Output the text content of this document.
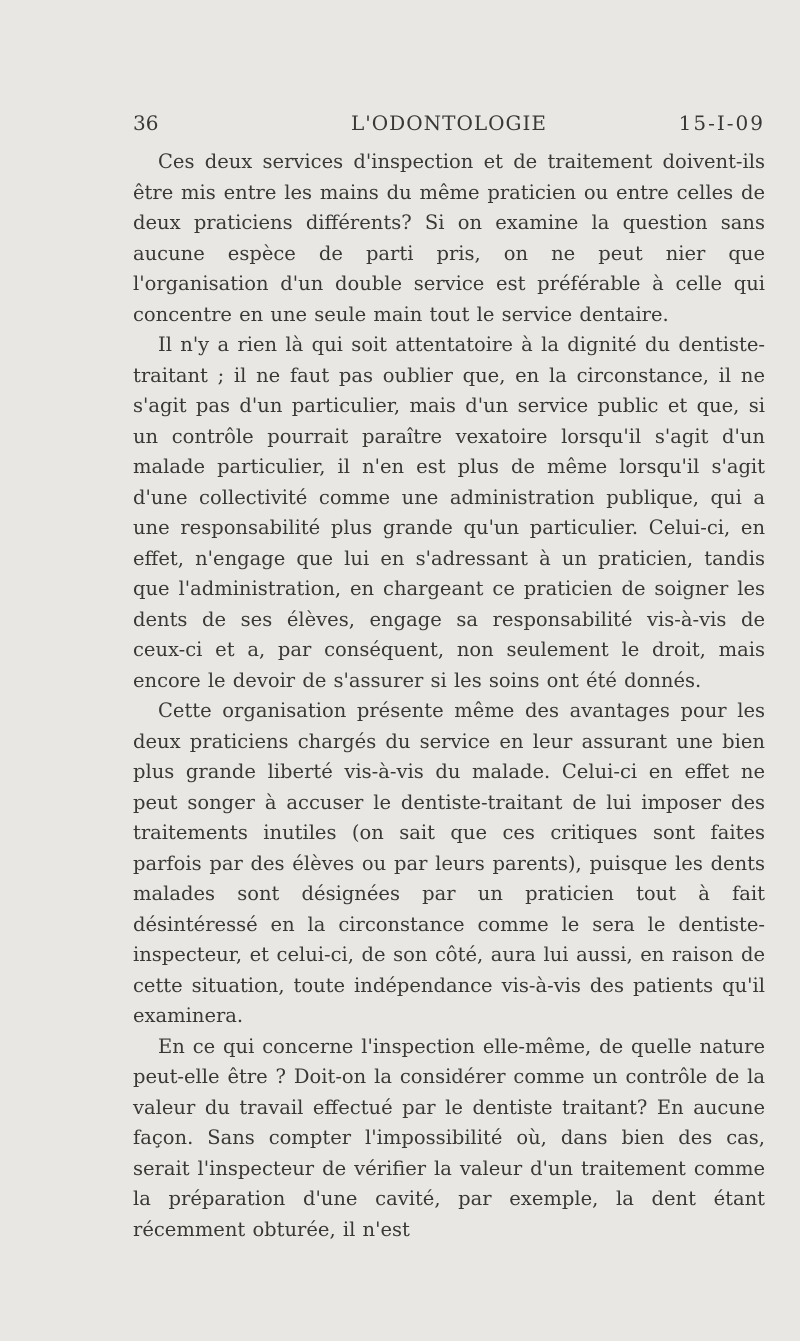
36	L'ODONTOLOGIE	15-I-09

Ces deux services d'inspection et de traitement doivent-ils être mis entre les mains du même praticien ou entre celles de deux praticiens différents? Si on examine la question sans aucune espèce de parti pris, on ne peut nier que l'organisation d'un double service est préférable à celle qui concentre en une seule main tout le service dentaire.

Il n'y a rien là qui soit attentatoire à la dignité du dentiste-traitant ; il ne faut pas oublier que, en la circonstance, il ne s'agit pas d'un particulier, mais d'un service public et que, si un contrôle pourrait paraître vexatoire lorsqu'il s'agit d'un malade particulier, il n'en est plus de même lorsqu'il s'agit d'une collectivité comme une administration publique, qui a une responsabilité plus grande qu'un particulier. Celui-ci, en effet, n'engage que lui en s'adressant à un praticien, tandis que l'administration, en chargeant ce praticien de soigner les dents de ses élèves, engage sa responsabilité vis-à-vis de ceux-ci et a, par conséquent, non seulement le droit, mais encore le devoir de s'assurer si les soins ont été donnés.

Cette organisation présente même des avantages pour les deux praticiens chargés du service en leur assurant une bien plus grande liberté vis-à-vis du malade. Celui-ci en effet ne peut songer à accuser le dentiste-traitant de lui imposer des traitements inutiles (on sait que ces critiques sont faites parfois par des élèves ou par leurs parents), puisque les dents malades sont désignées par un praticien tout à fait désintéressé en la circonstance comme le sera le dentiste-inspecteur, et celui-ci, de son côté, aura lui aussi, en raison de cette situation, toute indépendance vis-à-vis des patients qu'il examinera.

En ce qui concerne l'inspection elle-même, de quelle nature peut-elle être ? Doit-on la considérer comme un contrôle de la valeur du travail effectué par le dentiste traitant? En aucune façon. Sans compter l'impossibilité où, dans bien des cas, serait l'inspecteur de vérifier la valeur d'un traitement comme la préparation d'une cavité, par exemple, la dent étant récemment obturée, il n'est
